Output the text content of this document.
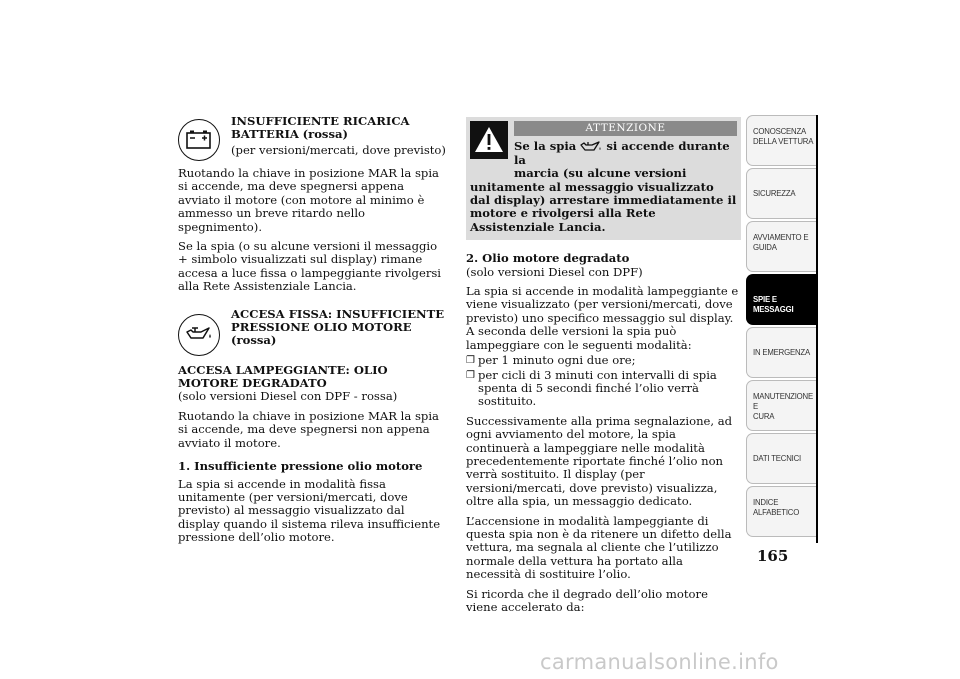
INSUFFICIENTE RICARICA

BATTERIA (rossa)

(per versioni/mercati, dove previsto)

Ruotando la chiave in posizione MAR la spia si accende, ma deve spegnersi appena avviato il motore (con motore al minimo è ammesso un breve ritardo nello spegnimento).

Se la spia (o su alcune versioni il messaggio + simbolo visualizzati sul display) rimane accesa a luce fissa o lampeggiante rivolgersi alla Rete Assistenziale Lancia.

ACCESA FISSA: INSUFFICIENTE

PRESSIONE OLIO MOTORE (rossa)

ACCESA LAMPEGGIANTE: OLIO MOTORE DEGRADATO

(solo versioni Diesel con DPF - rossa)

Ruotando la chiave in posizione MAR la spia si accende, ma deve spegnersi non appena avviato il motore.

1. Insufficiente pressione olio motore

La spia si accende in modalità fissa unitamente (per versioni/mercati, dove previsto) al messaggio visualizzato dal display quando il sistema rileva insufficiente pressione dell’olio motore.

ATTENZIONE
Se la spia	si accende durante la
marcia (su alcune versioni
unitamente al messaggio visualizzato dal display) arrestare immediatamente il motore e rivolgersi alla Rete Assistenziale Lancia.

2. Olio motore degradato

(solo versioni Diesel con DPF)

La spia si accende in modalità lampeggiante e viene visualizzato (per versioni/mercati, dove previsto) uno specifico messaggio sul display. A seconda delle versioni la spia può lampeggiare con le seguenti modalità:

❐ per 1 minuto ogni due ore;
❐ per cicli di 3 minuti con intervalli di spia spenta di 5 secondi finché l’olio verrà sostituito.

Successivamente alla prima segnalazione, ad ogni avviamento del motore, la spia continuerà a lampeggiare nelle modalità precedentemente riportate finché l’olio non verrà sostituito. Il display (per versioni/mercati, dove previsto) visualizza, oltre alla spia, un messaggio dedicato.

L’accensione in modalità lampeggiante di questa spia non è da ritenere un difetto della vettura, ma segnala al cliente che l’utilizzo normale della vettura ha portato alla necessità di sostituire l’olio.

Si ricorda che il degrado dell’olio motore viene accelerato da:

CONOSCENZA
DELLA VETTURA
SICUREZZA
AVVIAMENTO E
GUIDA
SPIE E MESSAGGI
IN EMERGENZA
MANUTENZIONE E
CURA
DATI TECNICI
INDICE
ALFABETICO
165
carmanualsonline.info
